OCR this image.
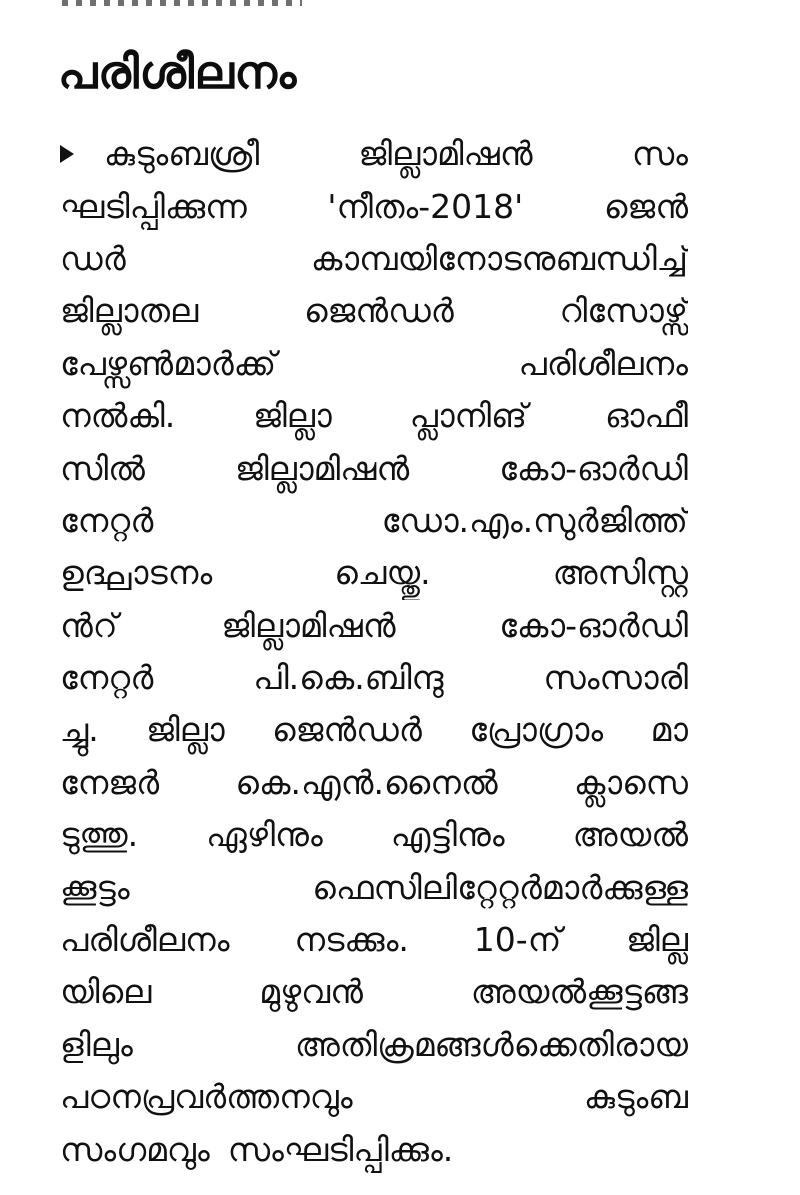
പരിശീലനം
കുടുംബശ്രീ	ജില്ലാമിഷൻ	സം
ഘടിപ്പിക്കുന്ന 'നീതം-2018' ജെൻ
ഡർ	കാമ്പയിനോടനുബന്ധിച്ച്
ജില്ലാതല	ജെൻഡർ	റിസോഴ്സ്
പേഴ്സൺമാർക്ക്	പരിശീലനം
നൽകി. ജില്ലാ പ്ലാനിങ് ഓഫീ
സിൽ	ജില്ലാമിഷൻ	കോ-ഓർഡി
നേറ്റർ	ഡോ.എം.സുർജിത്ത്
ഉദ്ഘാടനം	ചെയ്തു.	അസിസ്റ്റ
ൻറ്	ജില്ലാമിഷൻ	കോ-ഓർഡി
നേറ്റർ	പി.കെ.ബിന്ദു	സംസാരി
ച്ചു. ജില്ലാ ജെൻഡർ പ്രോഗ്രാം മാ
നേജർ കെ.എൻ.നൈൽ ക്ലാസെ
ടുത്തു. ഏഴിനും എട്ടിനും അയൽ
ക്കൂട്ടം	ഫെസിലിറ്റേറ്റർമാർക്കുള്ള
പരിശീലനം നടക്കും. 10-ന് ജില്ല
യിലെ	മുഴുവൻ	അയൽക്കൂട്ടങ്ങ
ളിലും	അതിക്രമങ്ങൾക്കെതിരായ
പഠനപ്രവർത്തനവും	കുടുംബ
സംഗമവും സംഘടിപ്പിക്കും.
